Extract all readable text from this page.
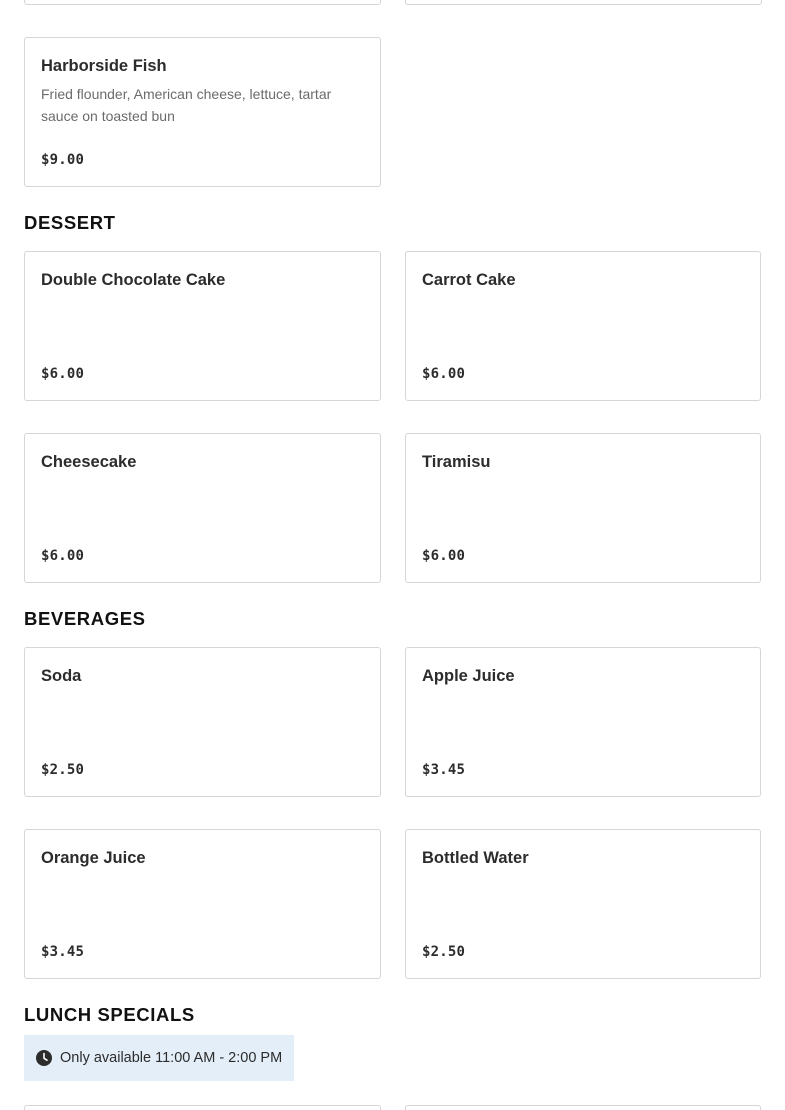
Harborside Fish
Fried flounder, American cheese, lettuce, tartar sauce on toasted bun
$9.00
DESSERT
Double Chocolate Cake
$6.00
Carrot Cake
$6.00
Cheesecake
$6.00
Tiramisu
$6.00
BEVERAGES
Soda
$2.50
Apple Juice
$3.45
Orange Juice
$3.45
Bottled Water
$2.50
LUNCH SPECIALS
Only available 11:00 AM - 2:00 PM
